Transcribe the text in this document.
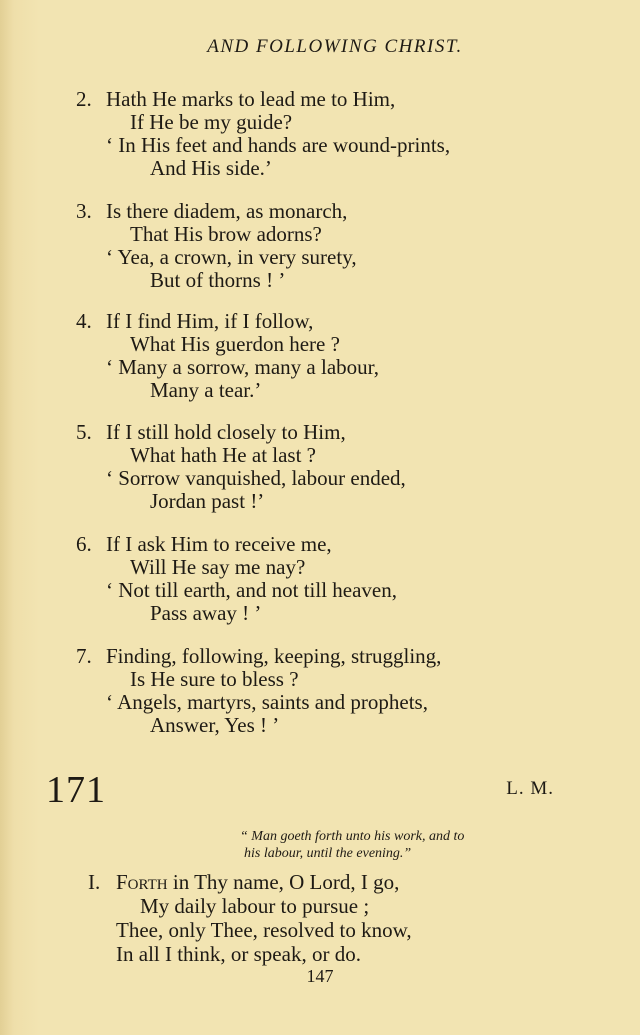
AND FOLLOWING CHRIST.
2. Hath He marks to lead me to Him,
If He be my guide?
‘ In His feet and hands are wound-prints,
And His side.’
3. Is there diadem, as monarch,
That His brow adorns?
‘ Yea, a crown, in very surety,
But of thorns ! ’
4. If I find Him, if I follow,
What His guerdon here ?
‘ Many a sorrow, many a labour,
Many a tear.’
5. If I still hold closely to Him,
What hath He at last ?
‘ Sorrow vanquished, labour ended,
Jordan past !’
6. If I ask Him to receive me,
Will He say me nay?
‘ Not till earth, and not till heaven,
Pass away ! ’
7. Finding, following, keeping, struggling,
Is He sure to bless ?
‘ Angels, martyrs, saints and prophets,
Answer, Yes ! ’
171	L. M.
“ Man goeth forth unto his work, and to
his labour, until the evening.”
I. Forth in Thy name, O Lord, I go,
My daily labour to pursue ;
Thee, only Thee, resolved to know,
In all I think, or speak, or do.
147
